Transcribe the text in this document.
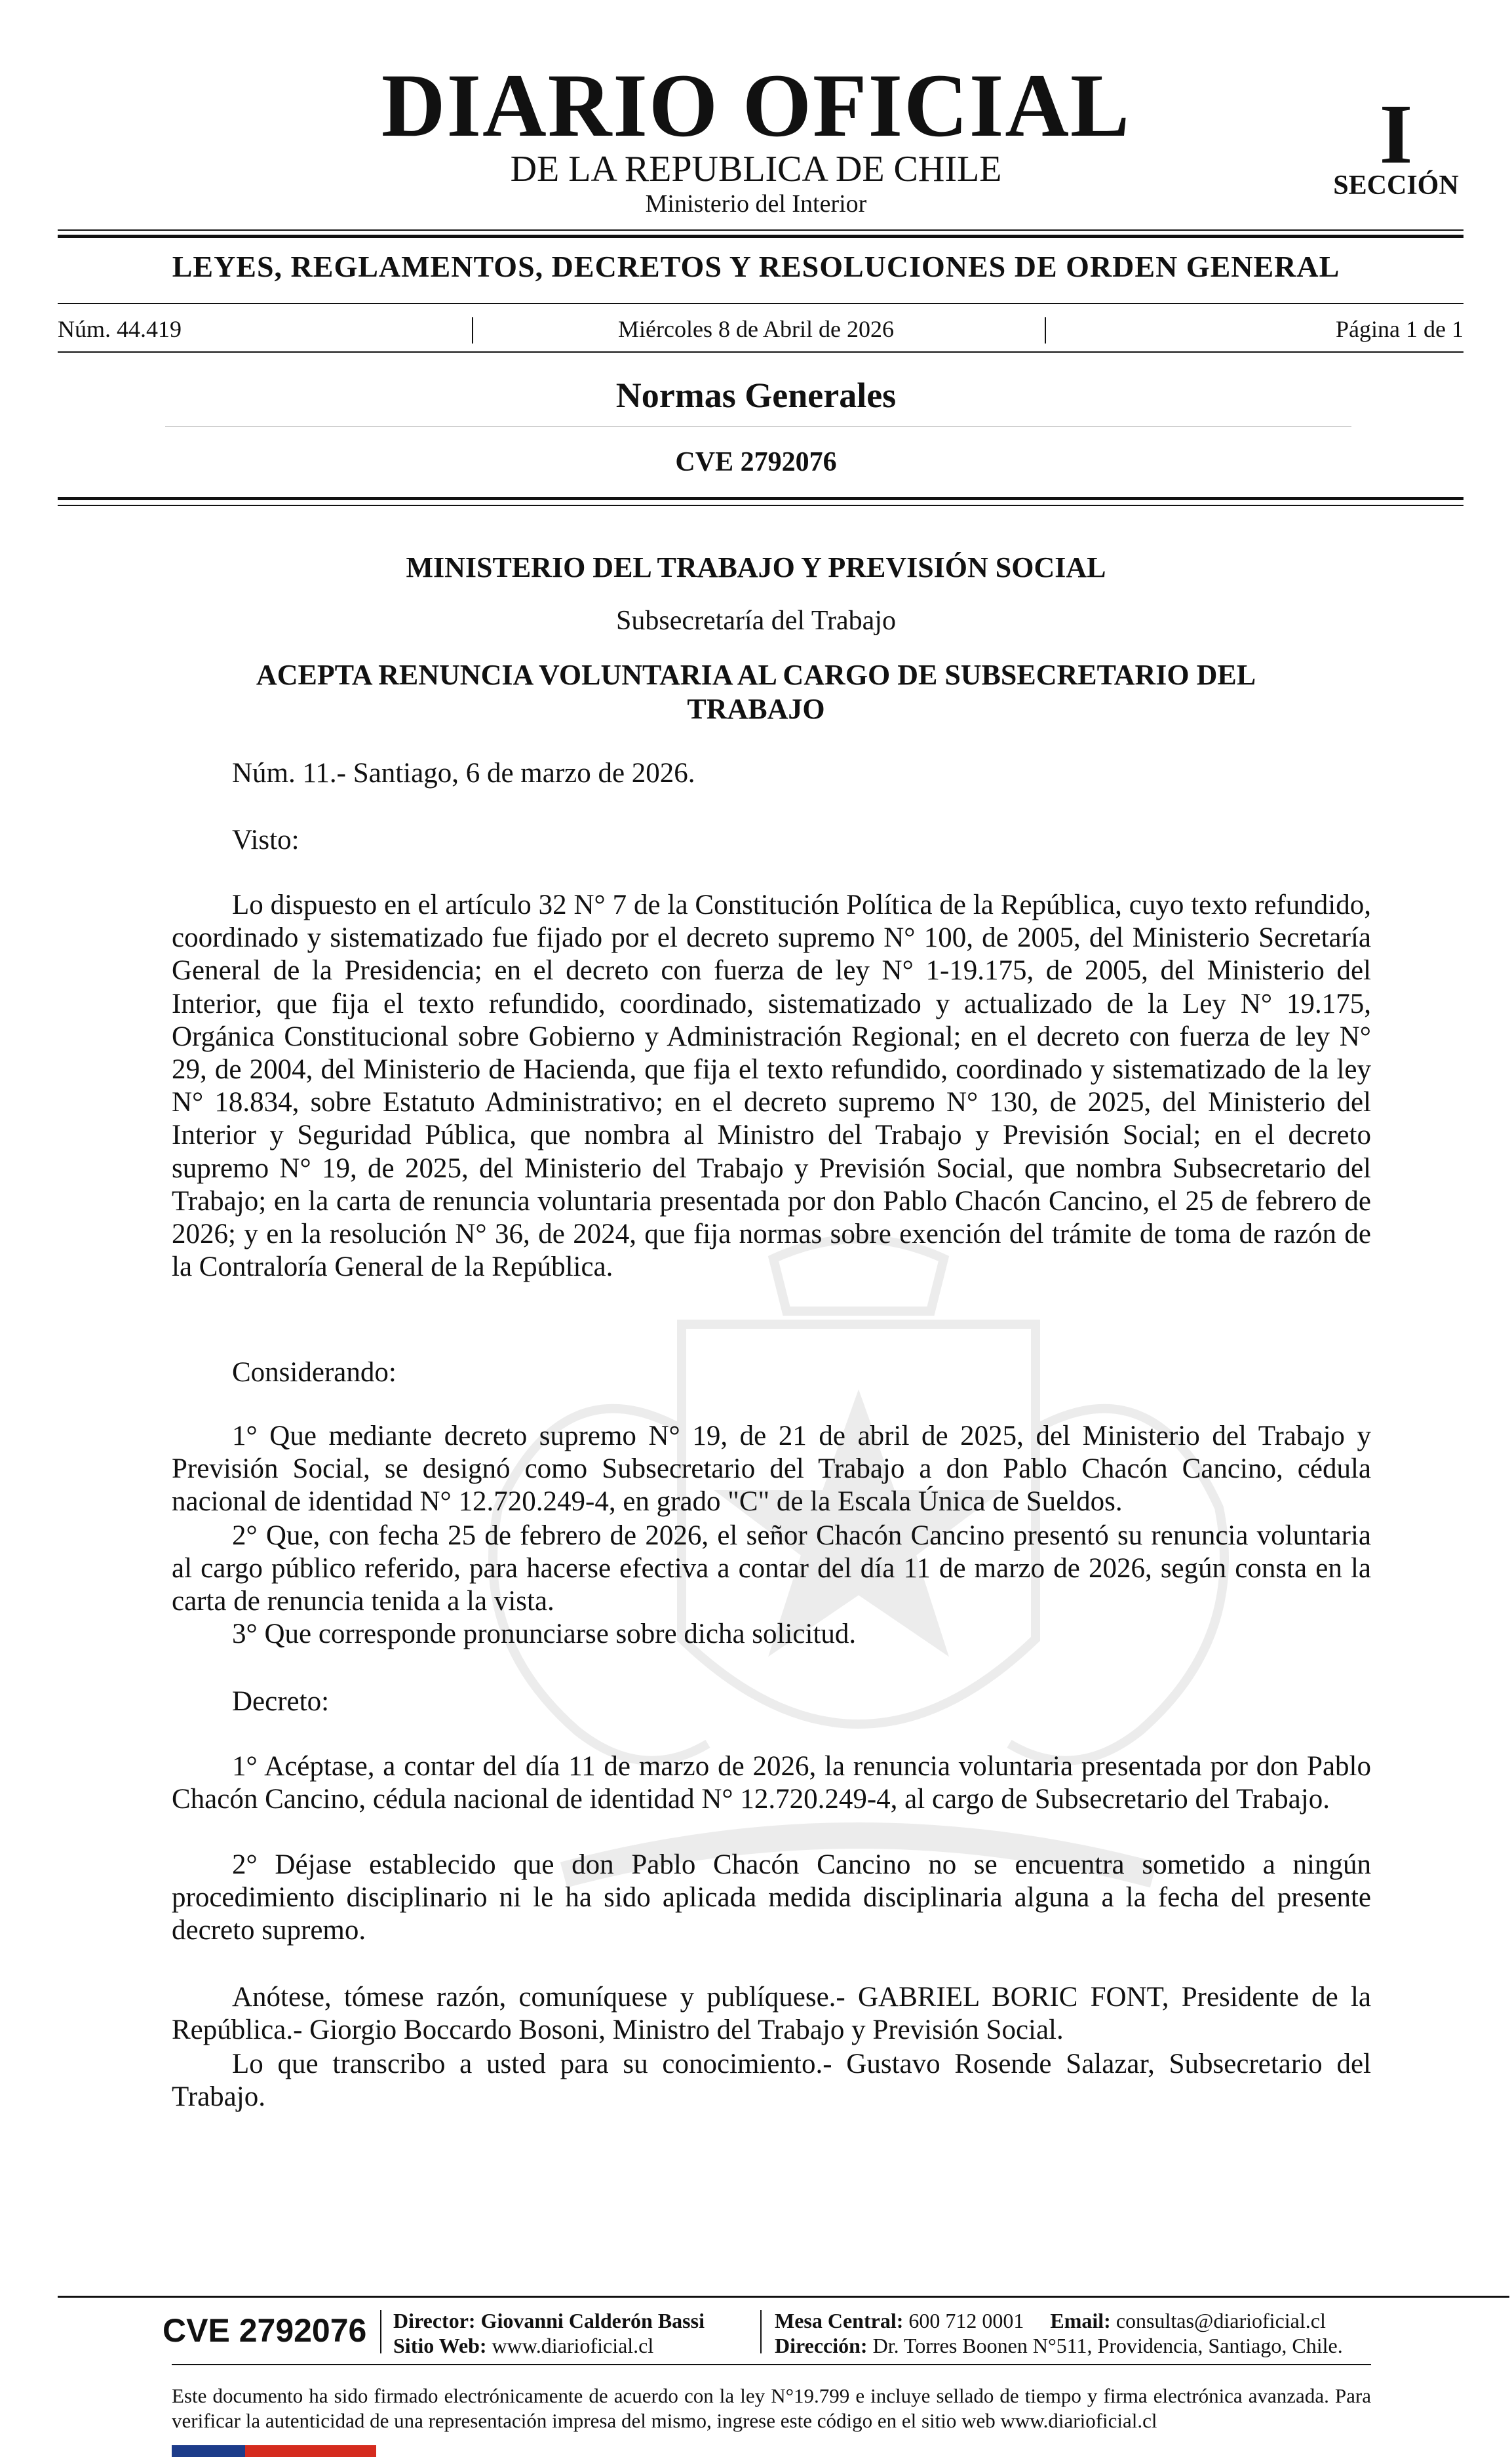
DIARIO OFICIAL
DE LA REPUBLICA DE CHILE
Ministerio del Interior
I
SECCIÓN
LEYES, REGLAMENTOS, DECRETOS Y RESOLUCIONES DE ORDEN GENERAL
Núm. 44.419	Miércoles 8 de Abril de 2026	Página 1 de 1
Normas Generales
CVE 2792076
MINISTERIO DEL TRABAJO Y PREVISIÓN SOCIAL
Subsecretaría del Trabajo
ACEPTA RENUNCIA VOLUNTARIA AL CARGO DE SUBSECRETARIO DEL TRABAJO
Núm. 11.- Santiago, 6 de marzo de 2026.
Visto:

Lo dispuesto en el artículo 32 N° 7 de la Constitución Política de la República, cuyo texto refundido, coordinado y sistematizado fue fijado por el decreto supremo N° 100, de 2005, del Ministerio Secretaría General de la Presidencia; en el decreto con fuerza de ley N° 1-19.175, de 2005, del Ministerio del Interior, que fija el texto refundido, coordinado, sistematizado y actualizado de la Ley N° 19.175, Orgánica Constitucional sobre Gobierno y Administración Regional; en el decreto con fuerza de ley N° 29, de 2004, del Ministerio de Hacienda, que fija el texto refundido, coordinado y sistematizado de la ley N° 18.834, sobre Estatuto Administrativo; en el decreto supremo N° 130, de 2025, del Ministerio del Interior y Seguridad Pública, que nombra al Ministro del Trabajo y Previsión Social; en el decreto supremo N° 19, de 2025, del Ministerio del Trabajo y Previsión Social, que nombra Subsecretario del Trabajo; en la carta de renuncia voluntaria presentada por don Pablo Chacón Cancino, el 25 de febrero de 2026; y en la resolución N° 36, de 2024, que fija normas sobre exención del trámite de toma de razón de la Contraloría General de la República.

Considerando:

1° Que mediante decreto supremo N° 19, de 21 de abril de 2025, del Ministerio del Trabajo y Previsión Social, se designó como Subsecretario del Trabajo a don Pablo Chacón Cancino, cédula nacional de identidad N° 12.720.249-4, en grado "C" de la Escala Única de Sueldos.

2° Que, con fecha 25 de febrero de 2026, el señor Chacón Cancino presentó su renuncia voluntaria al cargo público referido, para hacerse efectiva a contar del día 11 de marzo de 2026, según consta en la carta de renuncia tenida a la vista.

3° Que corresponde pronunciarse sobre dicha solicitud.

Decreto:

1° Acéptase, a contar del día 11 de marzo de 2026, la renuncia voluntaria presentada por don Pablo Chacón Cancino, cédula nacional de identidad N° 12.720.249-4, al cargo de Subsecretario del Trabajo.

2° Déjase establecido que don Pablo Chacón Cancino no se encuentra sometido a ningún procedimiento disciplinario ni le ha sido aplicada medida disciplinaria alguna a la fecha del presente decreto supremo.

Anótese, tómese razón, comuníquese y publíquese.- GABRIEL BORIC FONT, Presidente de la República.- Giorgio Boccardo Bosoni, Ministro del Trabajo y Previsión Social.

Lo que transcribo a usted para su conocimiento.- Gustavo Rosende Salazar, Subsecretario del Trabajo.

CVE 2792076 Director: Giovanni Calderón Bassi
Sitio Web: www.diarioficial.cl
Mesa Central: 600 712 0001 Email: consultas@diarioficial.cl
Dirección: Dr. Torres Boonen N°511, Providencia, Santiago, Chile.
Este documento ha sido firmado electrónicamente de acuerdo con la ley N°19.799 e incluye sellado de tiempo y firma electrónica avanzada. Para verificar la autenticidad de una representación impresa del mismo, ingrese este código en el sitio web www.diarioficial.cl
